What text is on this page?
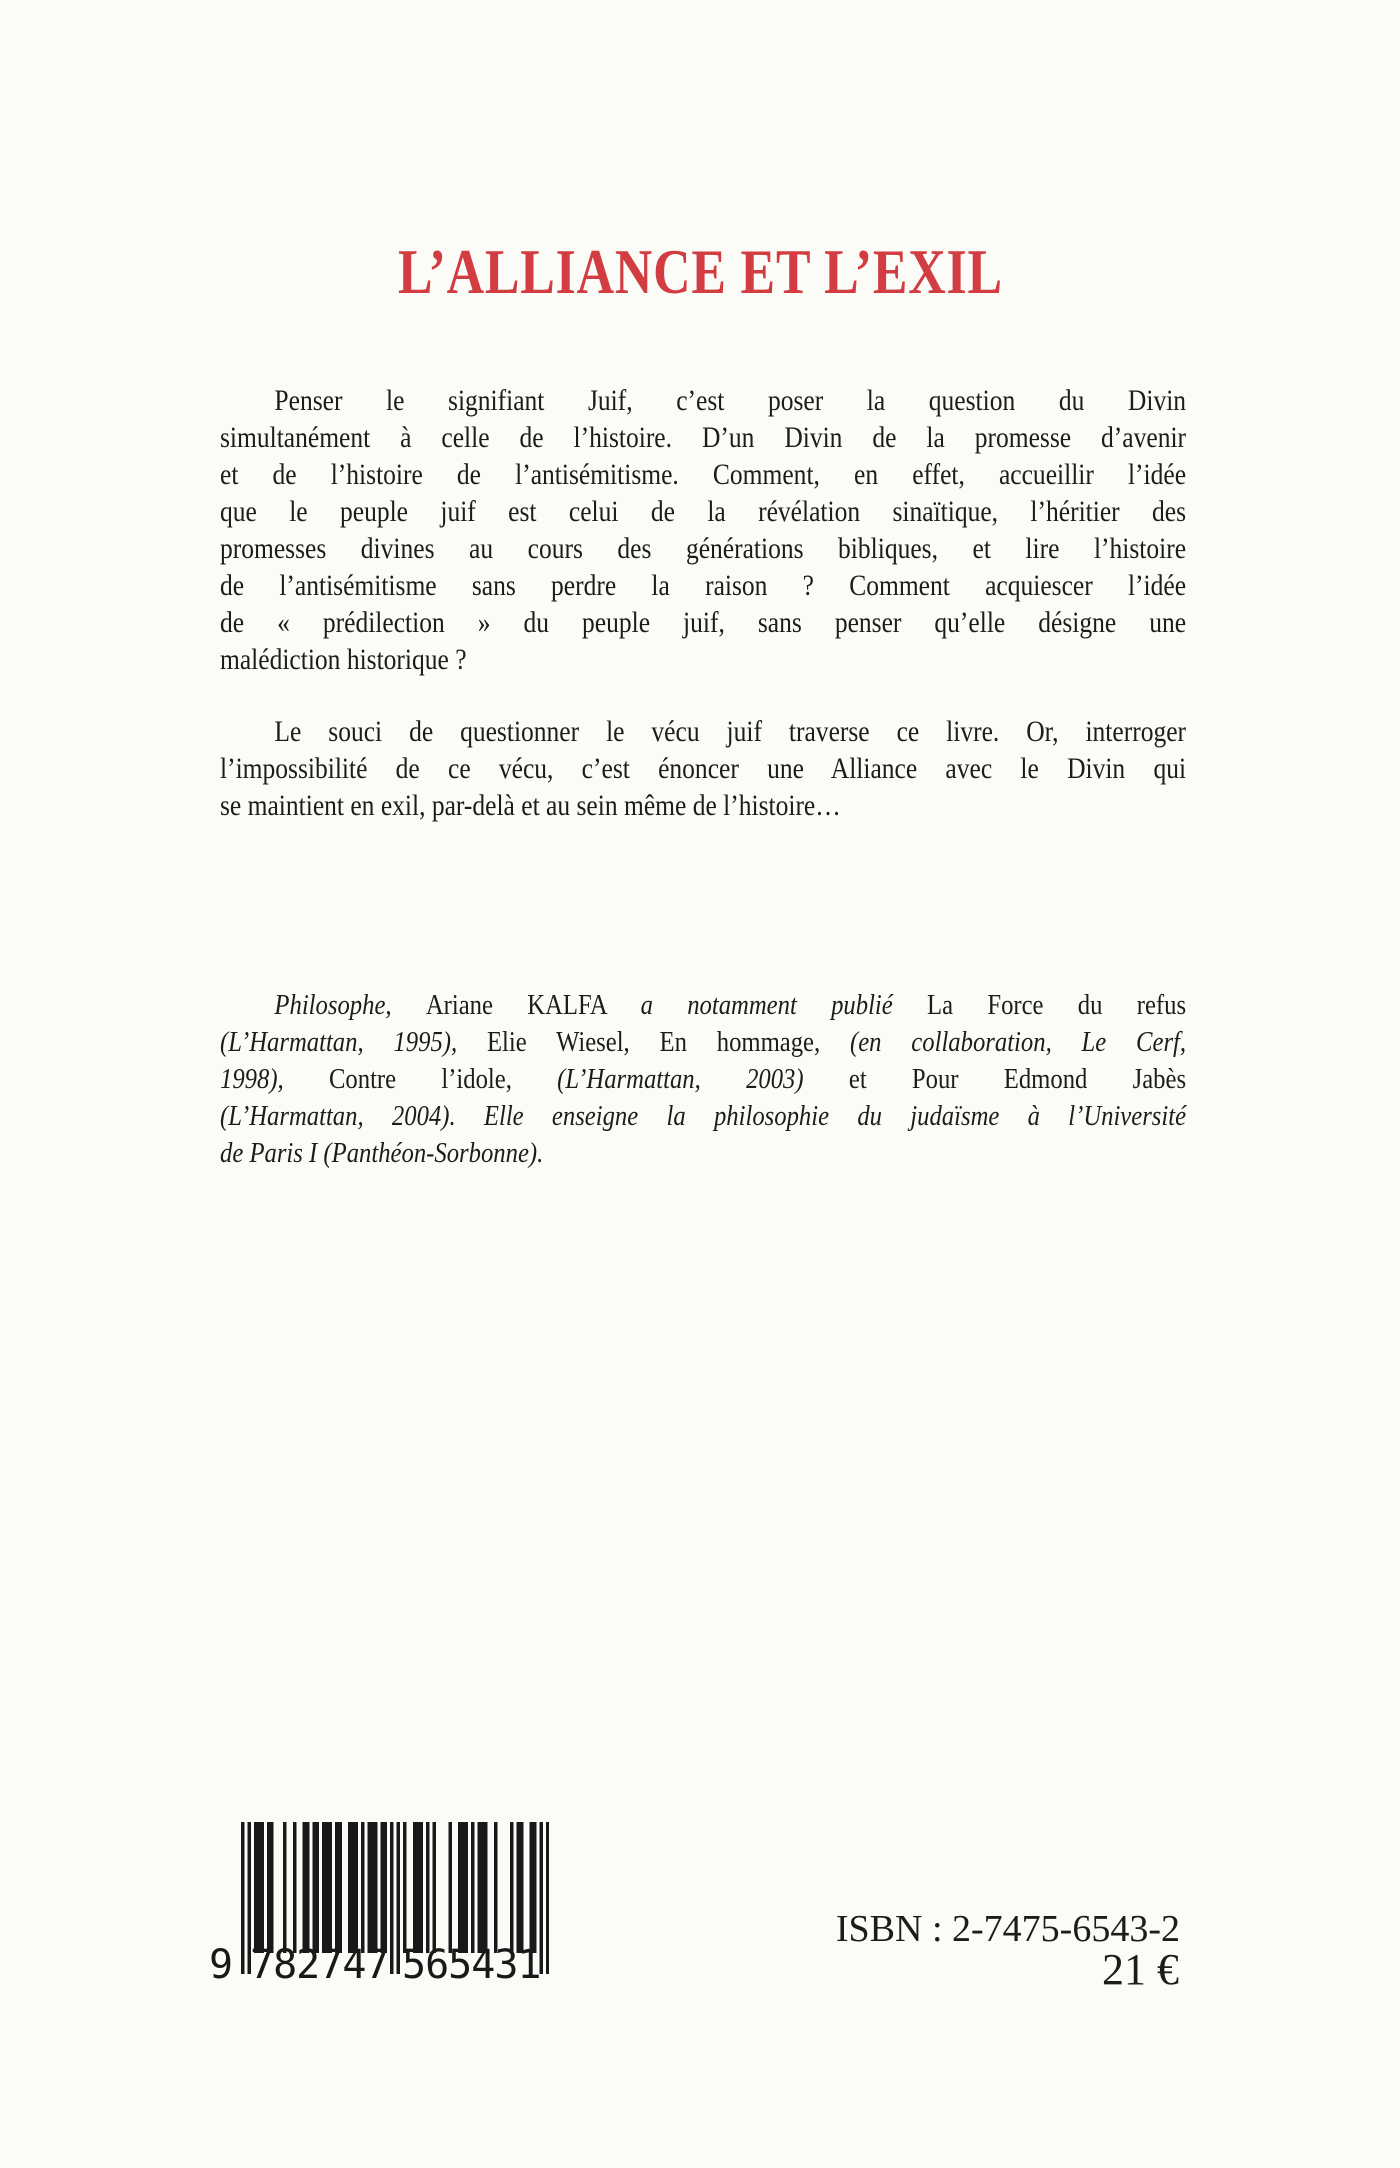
L’ALLIANCE ET L’EXIL
Penser le signifiant Juif, c’est poser la question du Divin
simultanément à celle de l’histoire. D’un Divin de la promesse d’avenir
et de l’histoire de l’antisémitisme. Comment, en effet, accueillir l’idée
que le peuple juif est celui de la révélation sinaïtique, l’héritier des
promesses divines au cours des générations bibliques, et lire l’histoire
de l’antisémitisme sans perdre la raison ? Comment acquiescer l’idée
de « prédilection » du peuple juif, sans penser qu’elle désigne une
malédiction historique ?
Le souci de questionner le vécu juif traverse ce livre. Or, interroger
l’impossibilité de ce vécu, c’est énoncer une Alliance avec le Divin qui
se maintient en exil, par-delà et au sein même de l’histoire…
Philosophe, Ariane KALFA a notamment publié La Force du refus
(L’Harmattan, 1995), Elie Wiesel, En hommage, (en collaboration, Le Cerf,
1998), Contre l’idole, (L’Harmattan, 2003) et Pour Edmond Jabès
(L’Harmattan, 2004). Elle enseigne la philosophie du judaïsme à l’Université
de Paris I (Panthéon-Sorbonne).
9 782747 565431
ISBN : 2-7475-6543-2
21 €
